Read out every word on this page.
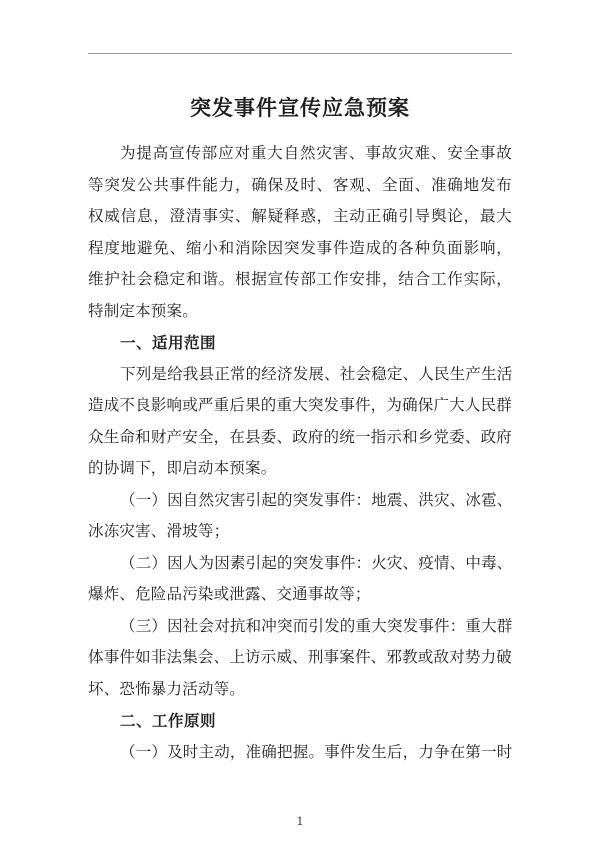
突发事件宣传应急预案
为提高宣传部应对重大自然灾害、事故灾难、安全事故
等突发公共事件能力，确保及时、客观、全面、准确地发布
权威信息，澄清事实、解疑释惑，主动正确引导舆论，最大
程度地避免、缩小和消除因突发事件造成的各种负面影响，
维护社会稳定和谐。根据宣传部工作安排，结合工作实际，
特制定本预案。
一、适用范围
下列是给我县正常的经济发展、社会稳定、人民生产生活
造成不良影响或严重后果的重大突发事件，为确保广大人民群
众生命和财产安全，在县委、政府的统一指示和乡党委、政府
的协调下，即启动本预案。
（一）因自然灾害引起的突发事件：地震、洪灾、冰雹、
冰冻灾害、滑坡等；
（二）因人为因素引起的突发事件：火灾、疫情、中毒、
爆炸、危险品污染或泄露、交通事故等；
（三）因社会对抗和冲突而引发的重大突发事件：重大群
体事件如非法集会、上访示威、刑事案件、邪教或敌对势力破
坏、恐怖暴力活动等。
二、工作原则
（一）及时主动，准确把握。事件发生后，力争在第一时
1
